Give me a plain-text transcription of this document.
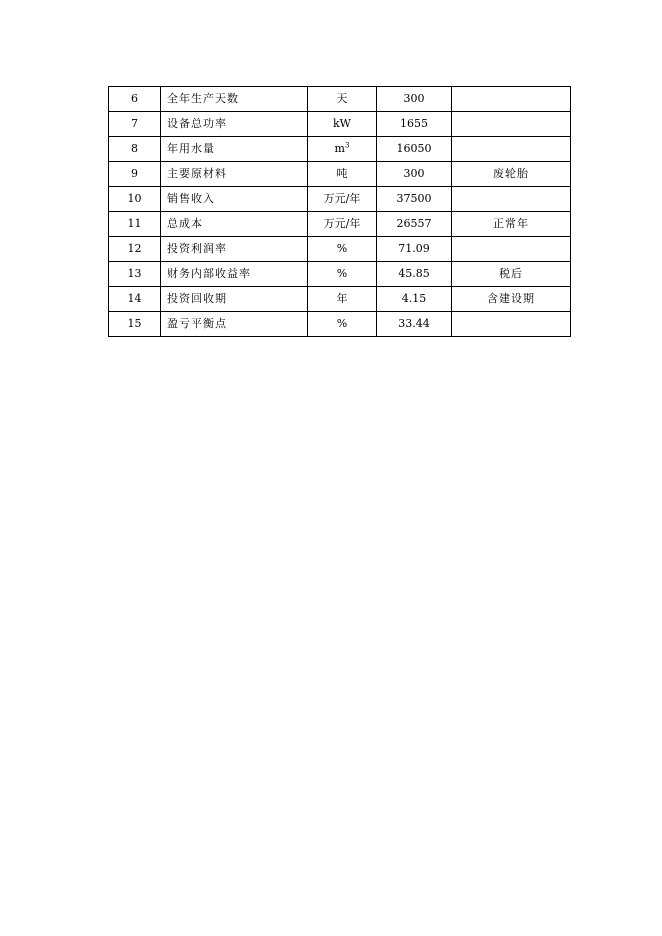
6	全年生产天数	天	300	
7	设备总功率	kW	1655	
8	年用水量	$m^3$	16050	
9	主要原材料	吨	300	废轮胎
10	销售收入	万元/年	37500	
11	总成本	万元/年	26557	正常年
12	投资利润率	%	71.09	
13	财务内部收益率	%	45.85	税后
14	投资回收期	年	4.15	含建设期
15	盈亏平衡点	%	33.44	
